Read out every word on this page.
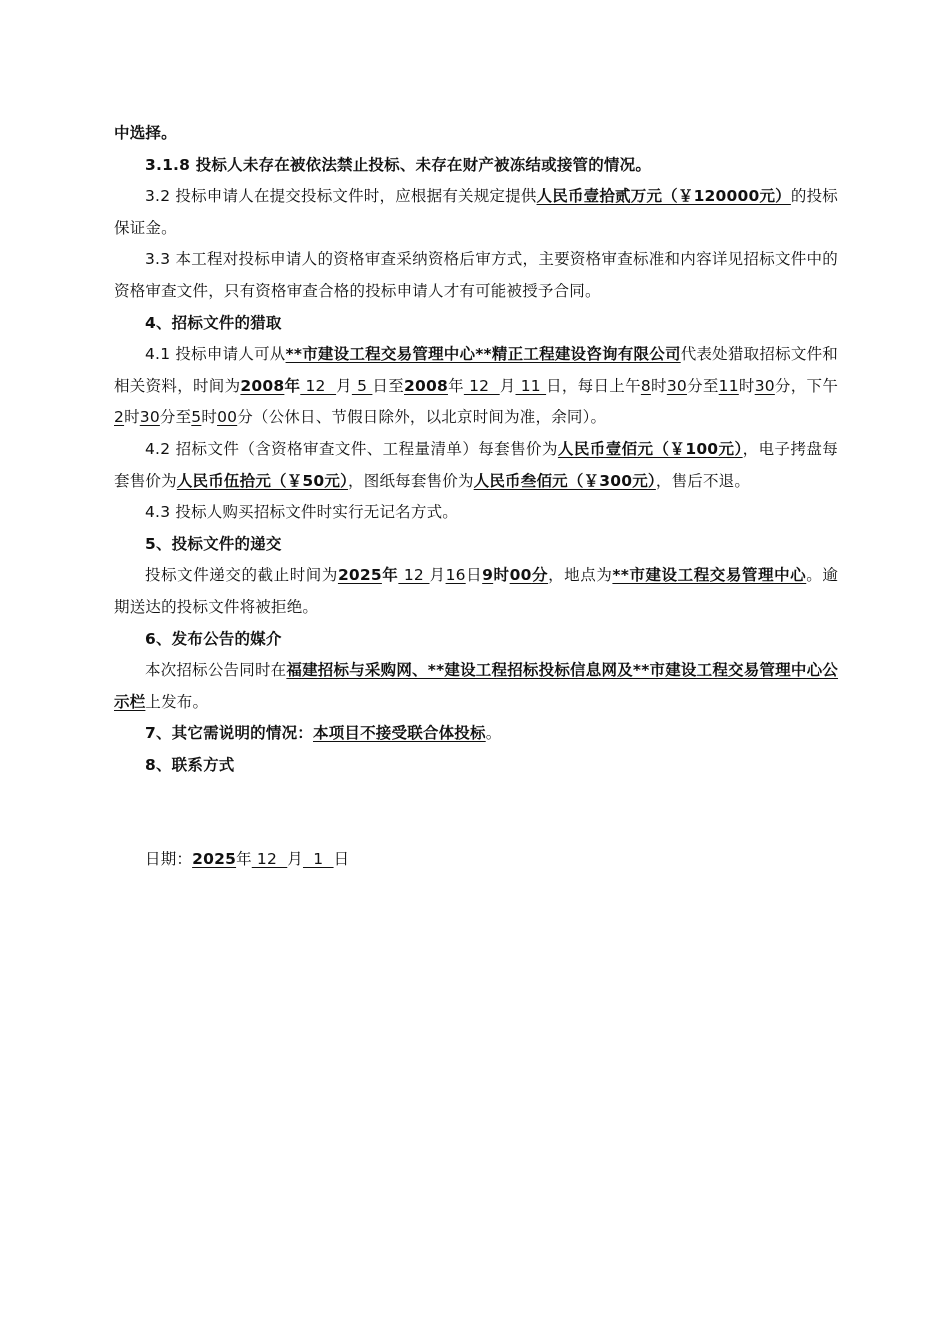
中选择。

3.1.8 投标人未存在被依法禁止投标、未存在财产被冻结或接管的情况。

3.2 投标申请人在提交投标文件时，应根据有关规定提供人民币壹拾贰万元（￥120000元）的投标保证金。

3.3 本工程对投标申请人的资格审查采纳资格后审方式，主要资格审查标准和内容详见招标文件中的资格审查文件，只有资格审查合格的投标申请人才有可能被授予合同。

4、招标文件的猎取

4.1 投标申请人可从**市建设工程交易管理中心**精正工程建设咨询有限公司代表处猎取招标文件和相关资料，时间为2008年 12  月 5 日至2008年 12  月 11 日，每日上午8时30分至11时30分，下午2时30分至5时00分（公休日、节假日除外，以北京时间为准，余同）。

4.2 招标文件（含资格审查文件、工程量清单）每套售价为人民币壹佰元（￥100元），电子拷盘每套售价为人民币伍拾元（￥50元），图纸每套售价为人民币叁佰元（￥300元），售后不退。

4.3 投标人购买招标文件时实行无记名方式。

5、投标文件的递交

投标文件递交的截止时间为2025年 12 月16日9时00分，地点为**市建设工程交易管理中心。逾期送达的投标文件将被拒绝。

6、发布公告的媒介

本次招标公告同时在福建招标与采购网、**建设工程招标投标信息网及**市建设工程交易管理中心公示栏上发布。

7、其它需说明的情况：本项目不接受联合体投标。

8、联系方式

日期：2025年 12  月  1  日
